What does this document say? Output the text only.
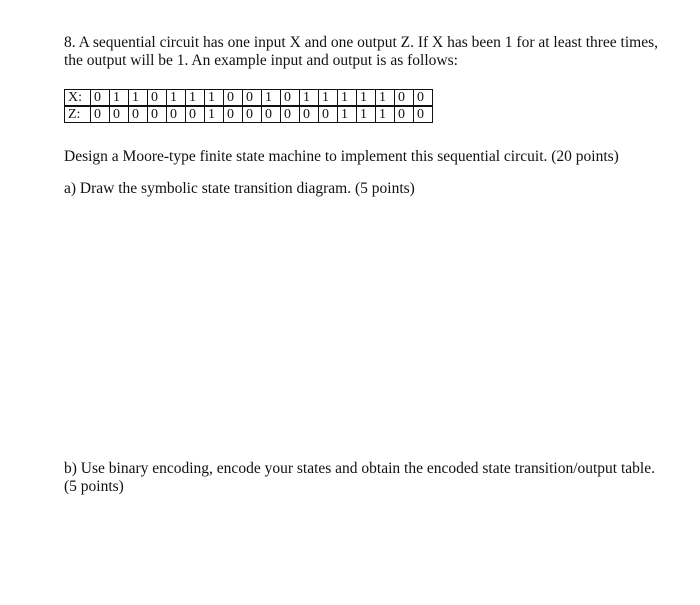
8. A sequential circuit has one input X and one output Z. If X has been 1 for at least three times, the output will be 1. An example input and output is as follows:

X:	0	1	1	0	1	1	1	0	0	1	0	1	1	1	1	1	0	0
Z:	0	0	0	0	0	0	1	0	0	0	0	0	0	1	1	1	0	0

Design a Moore-type finite state machine to implement this sequential circuit. (20 points)

a) Draw the symbolic state transition diagram. (5 points)

b) Use binary encoding, encode your states and obtain the encoded state transition/output table. (5 points)
